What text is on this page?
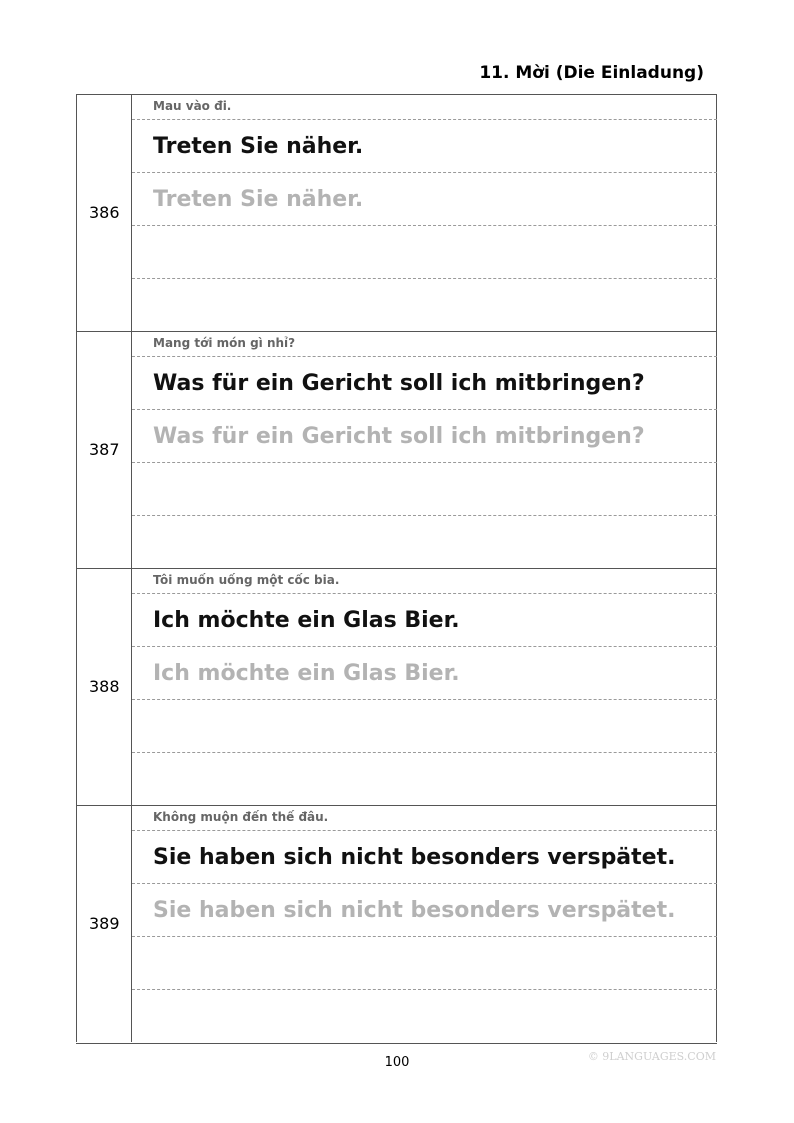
11. Mời (Die Einladung)
386
Mau vào đi.
Treten Sie näher.
Treten Sie näher.
387
Mang tới món gì nhỉ?
Was für ein Gericht soll ich mitbringen?
Was für ein Gericht soll ich mitbringen?
388
Tôi muốn uống một cốc bia.
Ich möchte ein Glas Bier.
Ich möchte ein Glas Bier.
389
Không muộn đến thế đâu.
Sie haben sich nicht besonders verspätet.
Sie haben sich nicht besonders verspätet.
100	© 9LANGUAGES.COM
